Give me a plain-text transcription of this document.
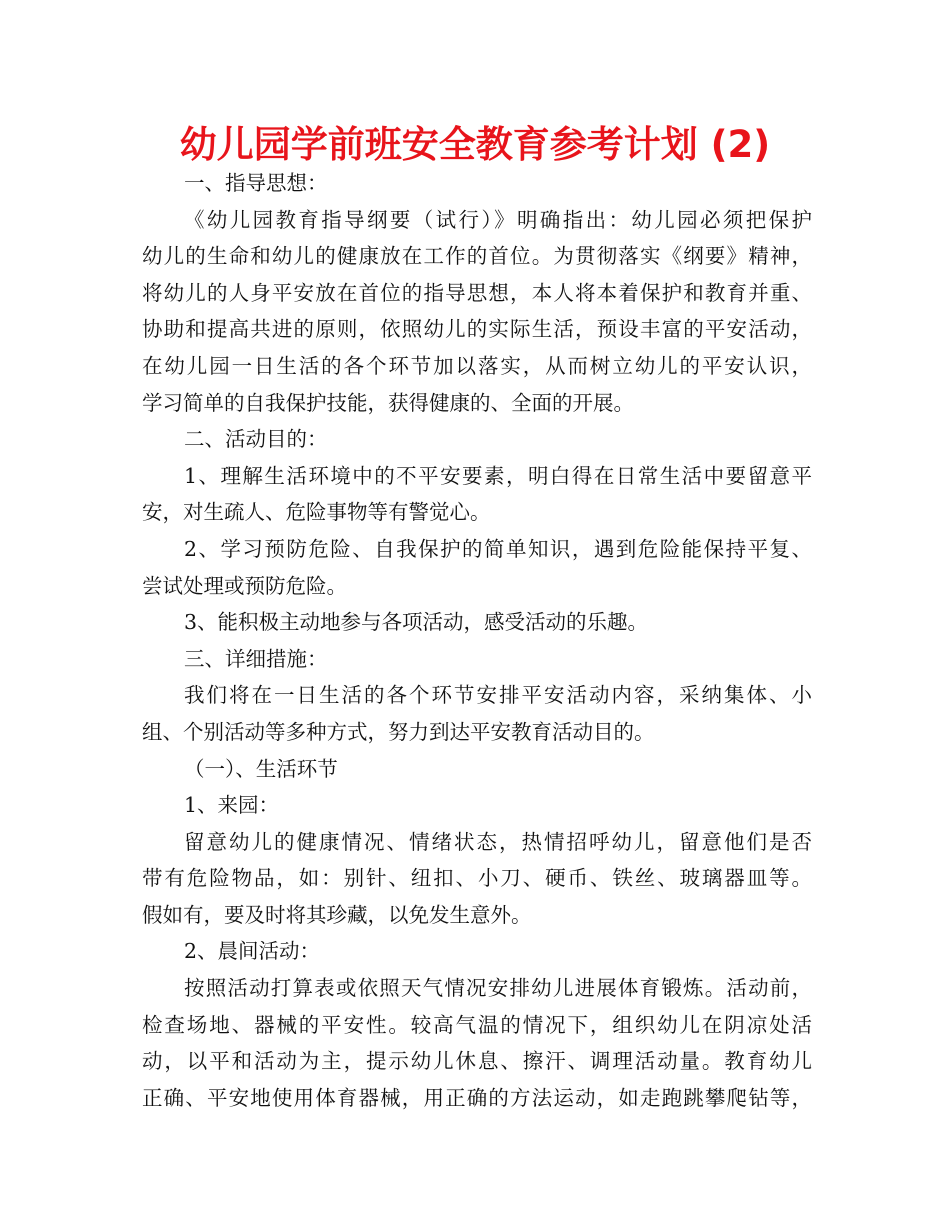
幼儿园学前班安全教育参考计划 (2)
一、指导思想：
《幼儿园教育指导纲要（试行）》明确指出：幼儿园必须把保护
幼儿的生命和幼儿的健康放在工作的首位。为贯彻落实《纲要》精神，
将幼儿的人身平安放在首位的指导思想，本人将本着保护和教育并重、
协助和提高共进的原则，依照幼儿的实际生活，预设丰富的平安活动，
在幼儿园一日生活的各个环节加以落实，从而树立幼儿的平安认识，
学习简单的自我保护技能，获得健康的、全面的开展。
二、活动目的：
1、理解生活环境中的不平安要素，明白得在日常生活中要留意平
安，对生疏人、危险事物等有警觉心。
2、学习预防危险、自我保护的简单知识，遇到危险能保持平复、
尝试处理或预防危险。
3、能积极主动地参与各项活动，感受活动的乐趣。
三、详细措施：
我们将在一日生活的各个环节安排平安活动内容，采纳集体、小
组、个别活动等多种方式，努力到达平安教育活动目的。
（一）、生活环节
1、来园：
留意幼儿的健康情况、情绪状态，热情招呼幼儿，留意他们是否
带有危险物品，如：别针、纽扣、小刀、硬币、铁丝、玻璃器皿等。
假如有，要及时将其珍藏，以免发生意外。
2、晨间活动：
按照活动打算表或依照天气情况安排幼儿进展体育锻炼。活动前，
检查场地、器械的平安性。较高气温的情况下，组织幼儿在阴凉处活
动，以平和活动为主，提示幼儿休息、擦汗、调理活动量。教育幼儿
正确、平安地使用体育器械，用正确的方法运动，如走跑跳攀爬钻等，
